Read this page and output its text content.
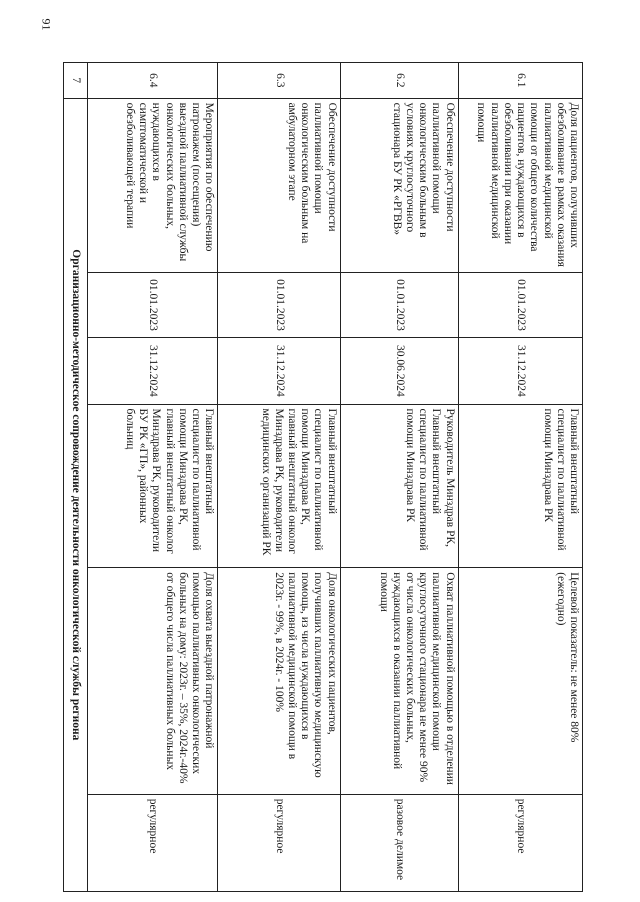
91
6.1	Доля пациентов, получивших обезболивание в рамках оказания паллиативной медицинской помощи от общего количества пациентов, нуждающихся в обезболивании при оказании паллиативной медицинской помощи	01.01.2023	31.12.2024	Главный внештатный специалист по паллиативной помощи Минздрава РК	Целевой показатель: не менее 80% (ежегодно)	регулярное
6.2	Обеспечение доступности паллиативной помощи онкологическим больным в условиях круглосуточного стационара БУ РК «РГВВ»	01.01.2023	30.06.2024	Руководитель Минздрав РК, Главный внештатный специалист по паллиативной помощи Минздрава РК	Охват паллиативной помощью в отделении паллиативной медицинской помощи круглосуточного стационара не менее 90% от числа онкологических больных, нуждающихся в оказании паллиативной помощи	разовое делимое
6.3	Обеспечение доступности паллиативной помощи онкологическим больным на амбулаторном этапе	01.01.2023	31.12.2024	Главный внештатный специалист по паллиативной помощи Минздрава РК, главный внештатный онколог Минздрава РК, руководители медицинских организаций РК	Доля онкологических пациентов, получивших паллиативную медицинскую помощь, из числа нуждающихся в паллиативной медицинской помощи в 2023г. - 99%, в 2024г. - 100%	регулярное
6.4	Мероприятия по обеспечению патронажем (посещения) выездной паллиативной службы онкологических больных, нуждающихся в симптоматической и обезболивающей терапии	01.01.2023	31.12.2024	Главный внештатный специалист по паллиативной помощи Минздрава РК, главный внештатный онколог Минздрава РК, руководители БУ РК «ГП», районных больниц	Доля охвата выездной патронажной помощью паллиативных онкологических больных на дому: 2023г. – 35%, 2024г.-40% от общего числа паллиативных больных	регулярное
7	Организационно-методическое сопровождение деятельности онкологической службы региона					
